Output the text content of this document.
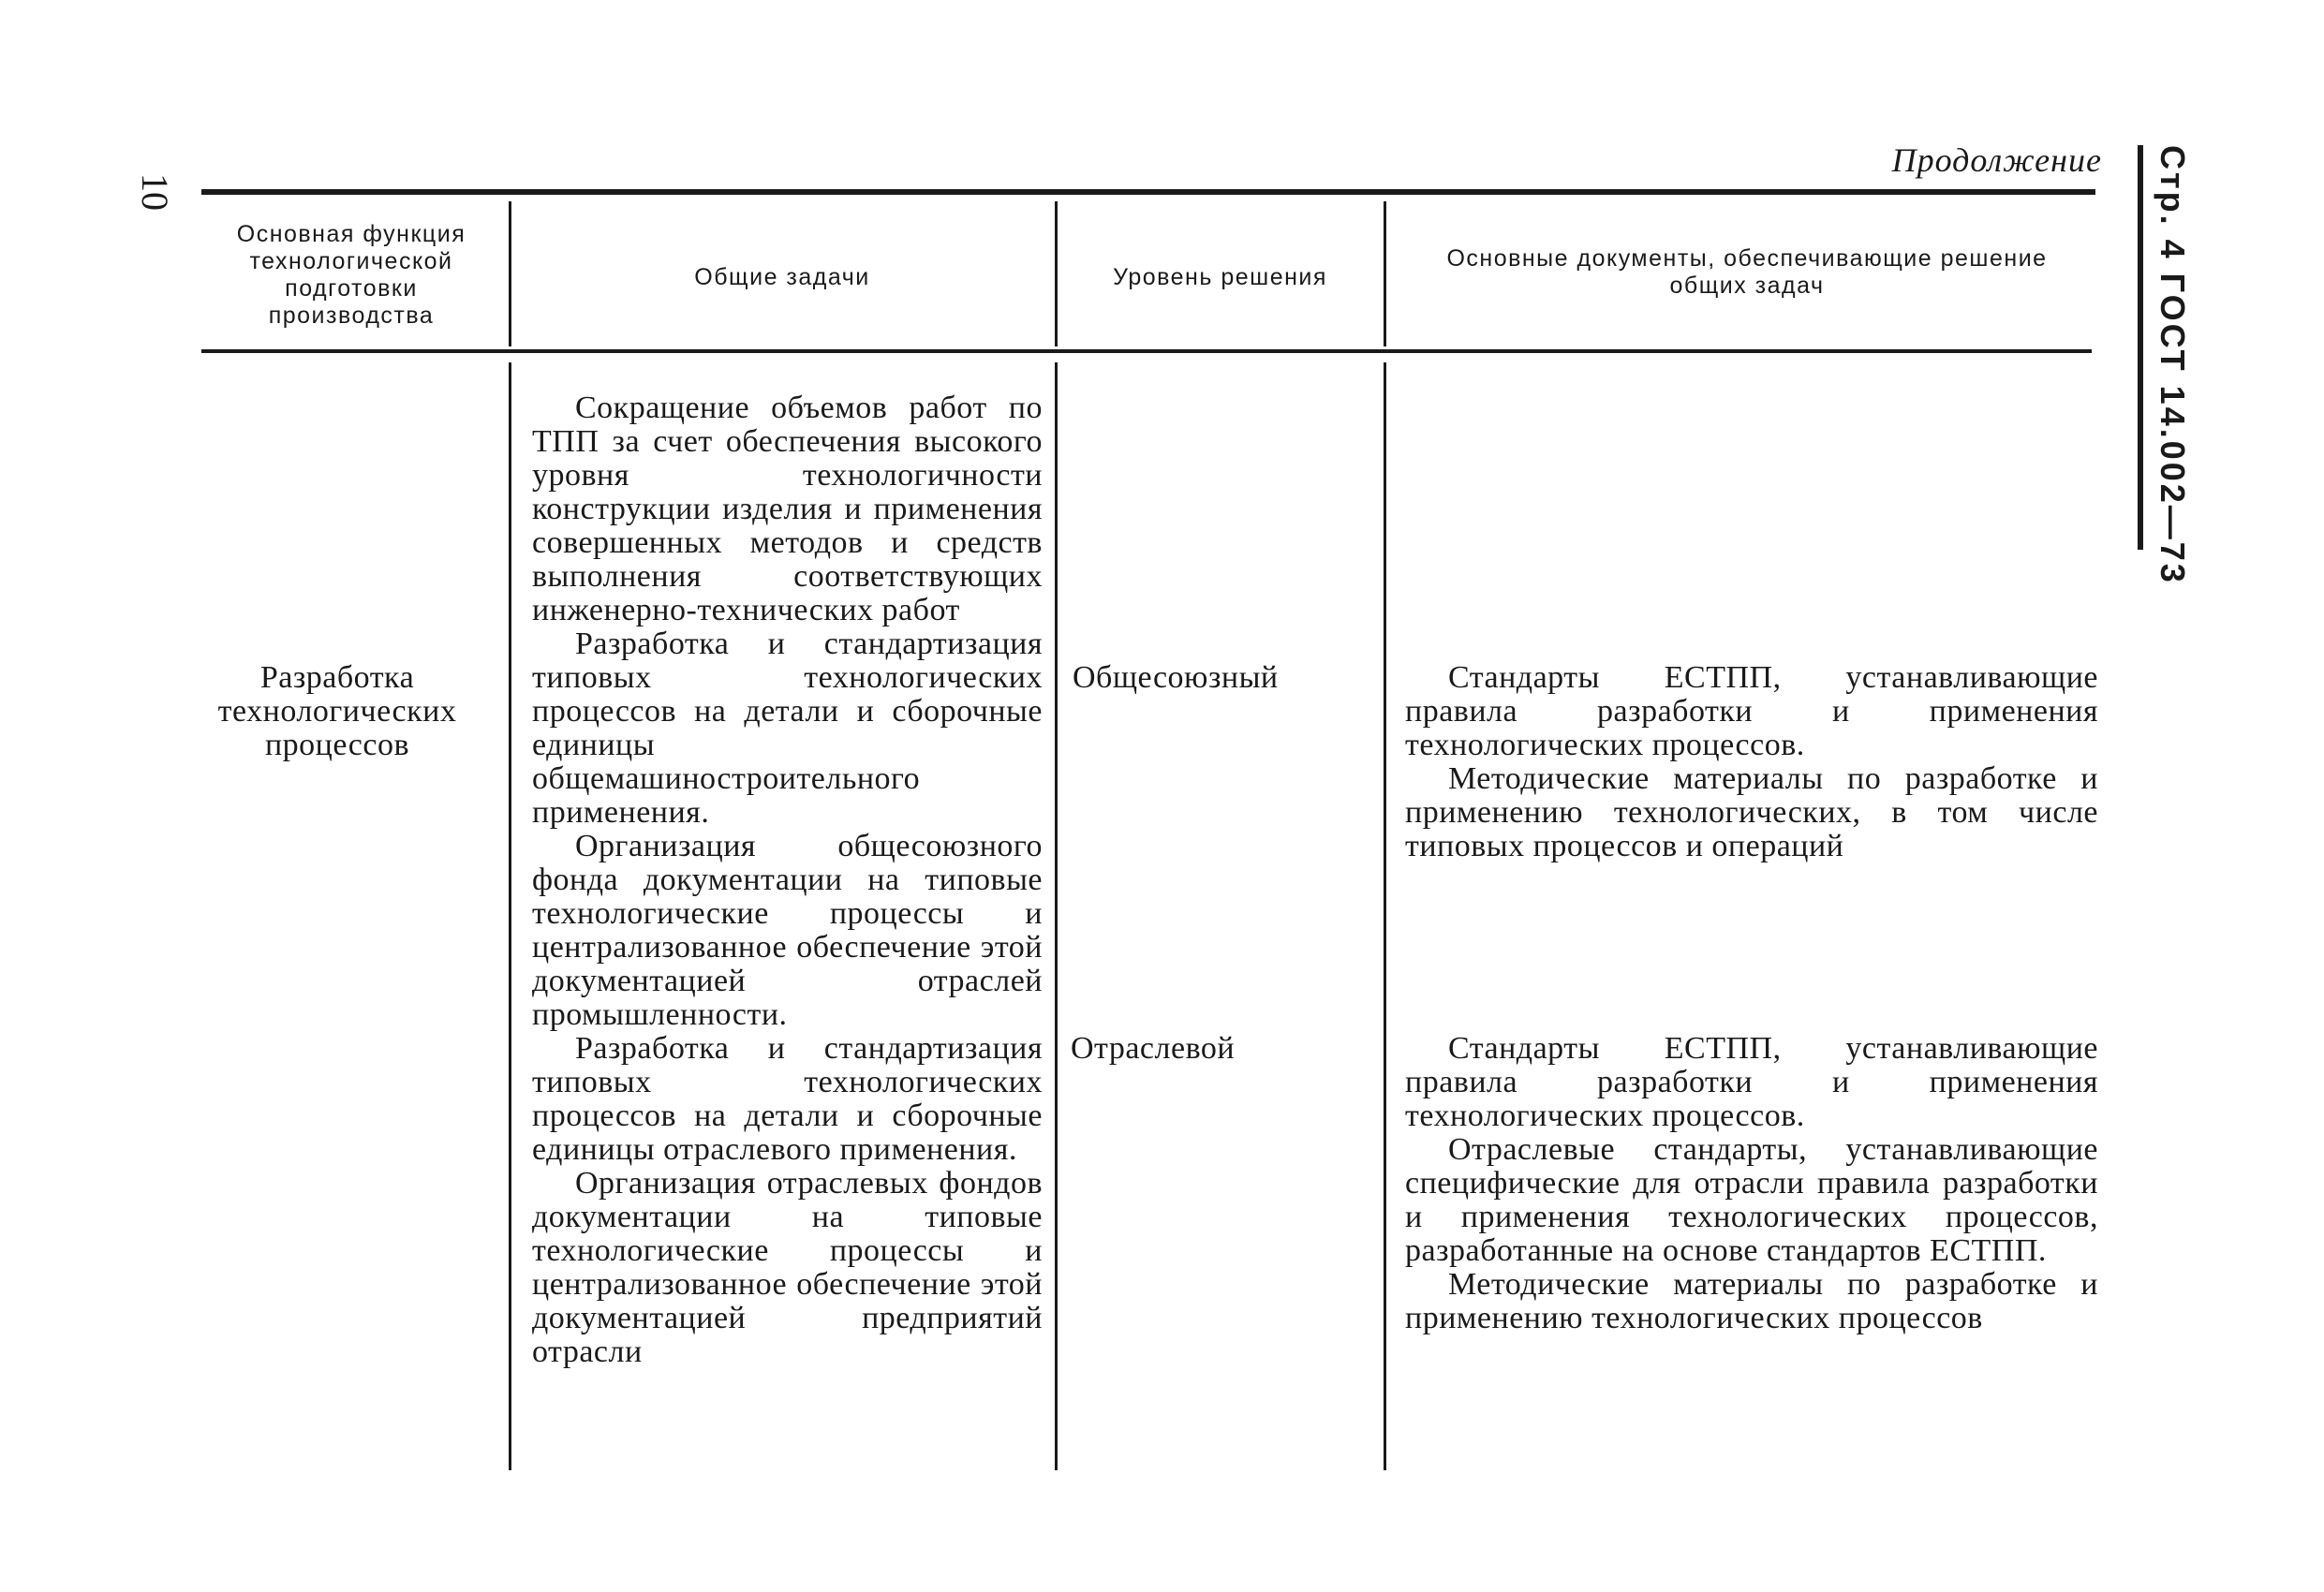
10
Продолжение	Стр. 4 ГОСТ 14.002—73
Основная функция технологической подготовки производства
Общие задачи	Уровень решения
Основные документы, обеспечивающие решение общих задач
Разработка технологических процессов

Сокращение объемов работ по ТПП за счет обеспечения высокого уровня технологичности конструкции изделия и применения совершенных методов и средств выполнения соответствующих инженерно-технических работ

Разработка и стандартизация типовых технологических процессов на детали и сборочные единицы общемашиностроительного применения.

Организация общесоюзного фонда документации на типовые технологические процессы и централизованное обеспечение этой документацией отраслей промышленности.

Разработка и стандартизация типовых технологических процессов на детали и сборочные единицы отраслевого применения.

Организация отраслевых фондов документации на типовые технологические процессы и централизованное обеспечение этой документацией предприятий отрасли

Общесоюзный
Отраслевой

Стандарты ЕСТПП, устанавливающие правила разработки и применения технологических процессов.

Методические материалы по разработке и применению технологических, в том числе типовых процессов и операций

Стандарты ЕСТПП, устанавливающие правила разработки и применения технологических процессов.

Отраслевые стандарты, устанавливающие специфические для отрасли правила разработки и применения технологических процессов, разработанные на основе стандартов ЕСТПП.

Методические материалы по разработке и применению технологических процессов
